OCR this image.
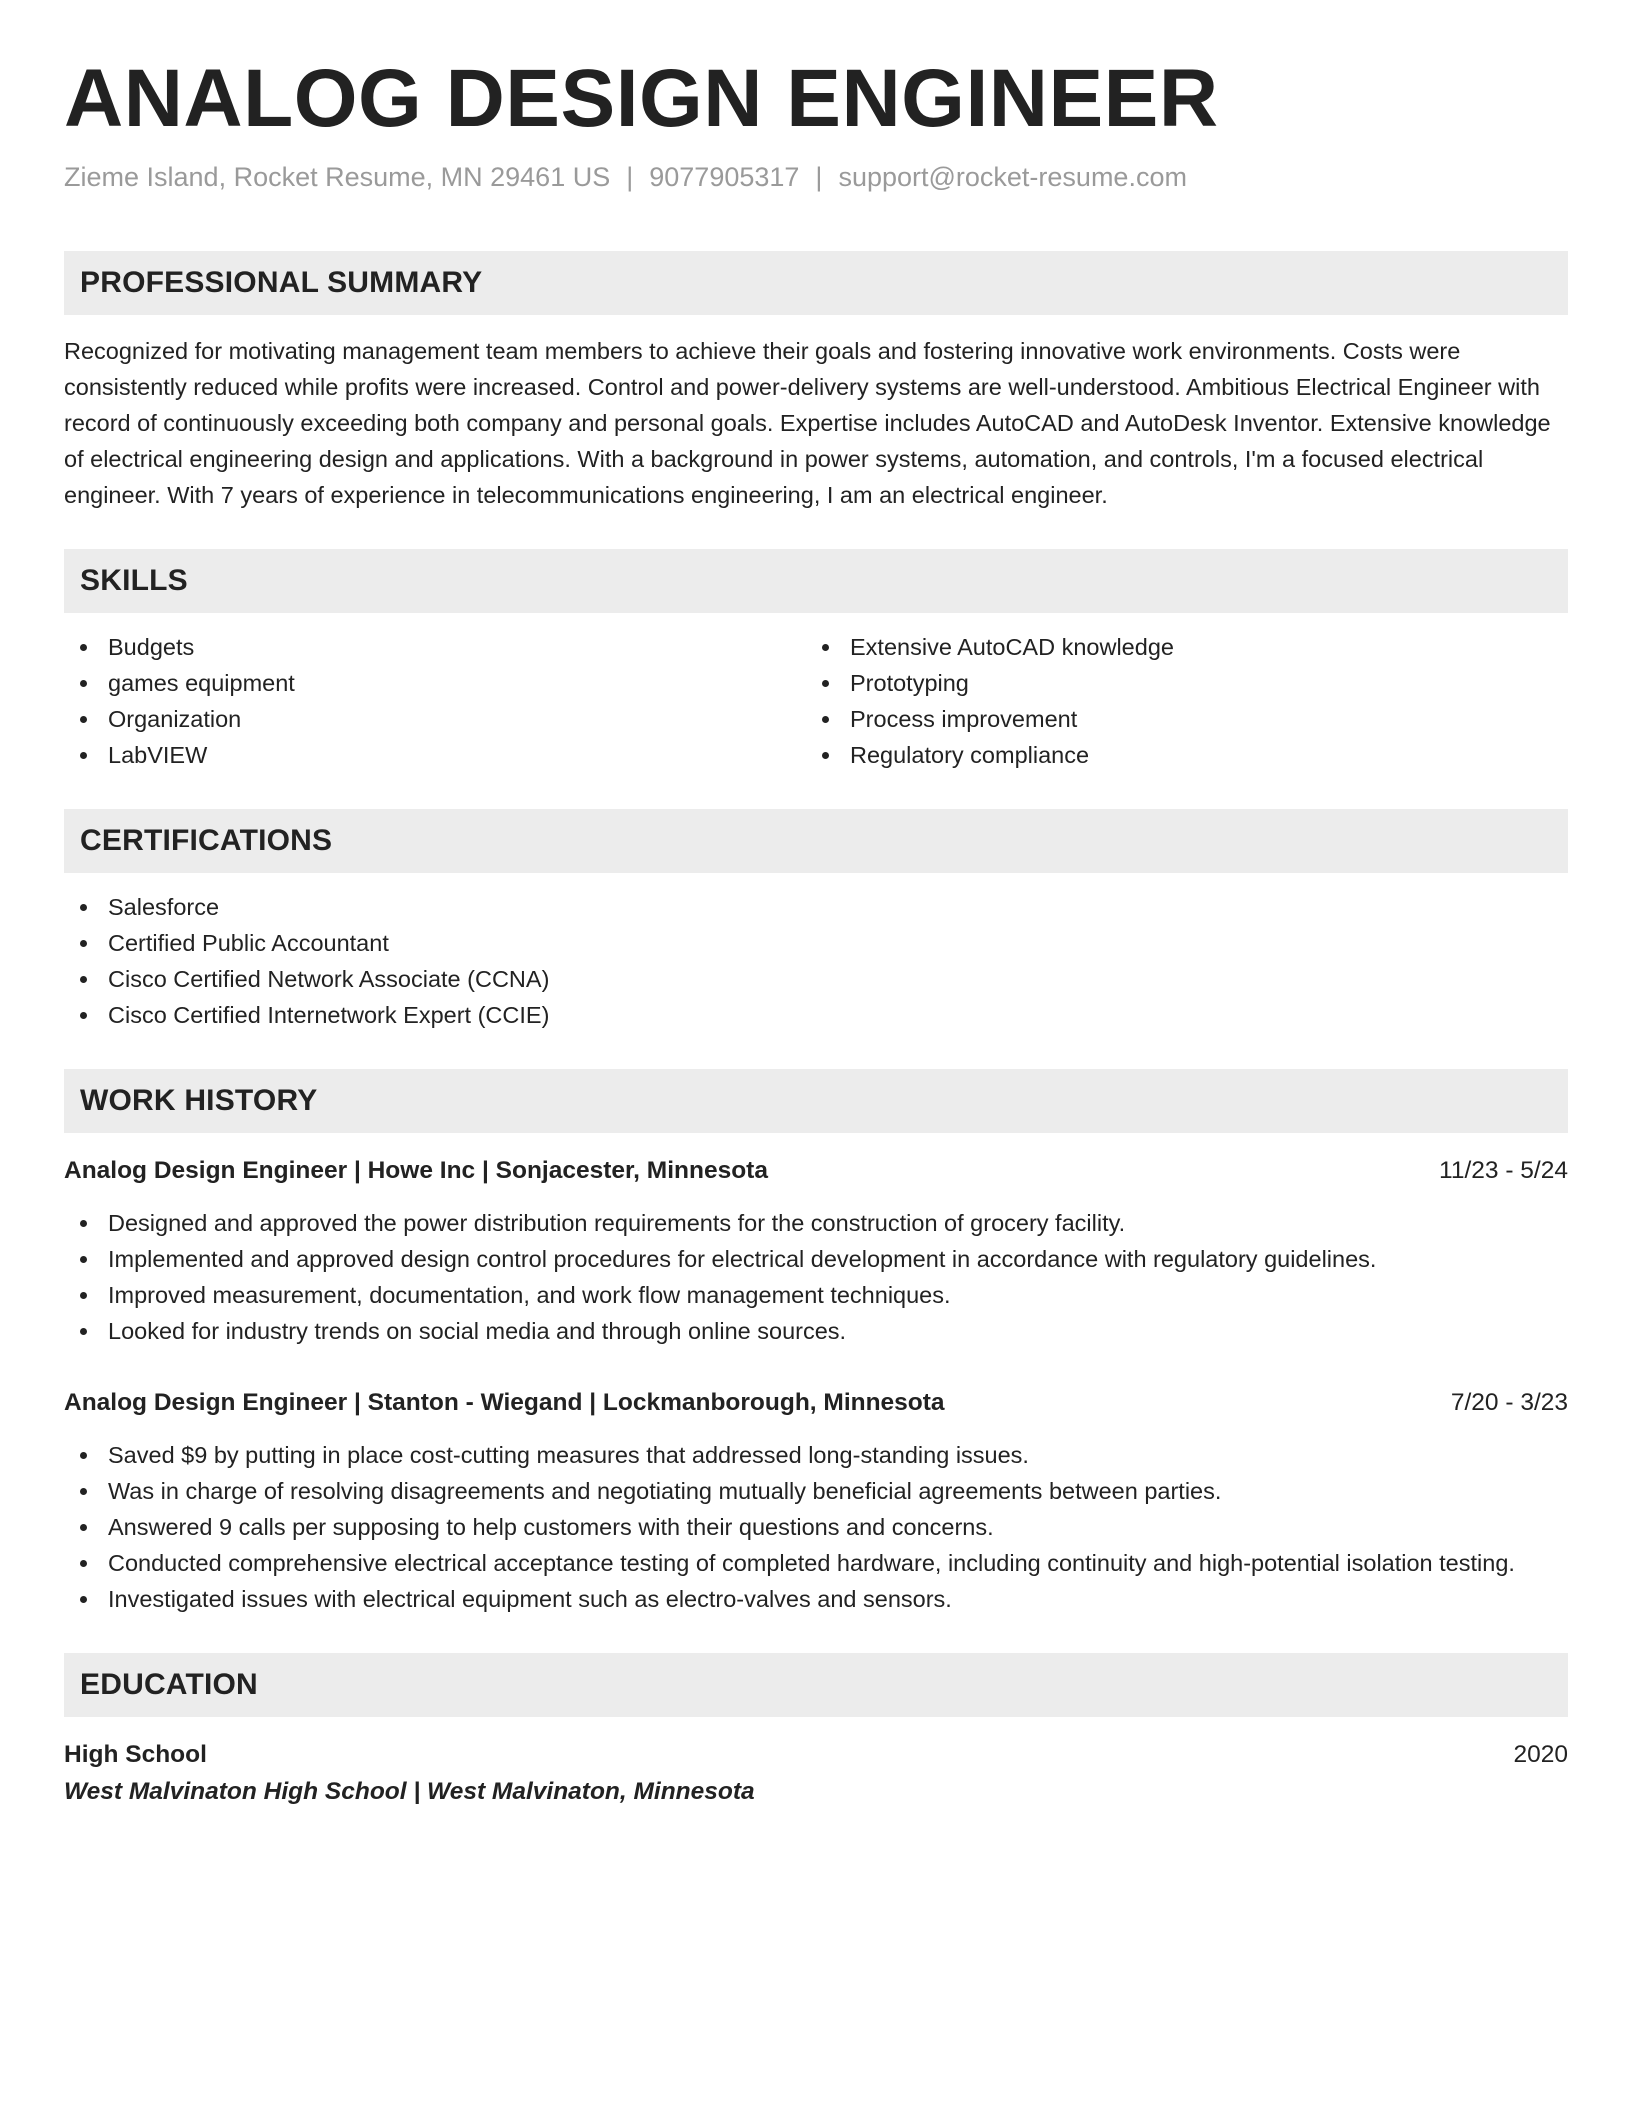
ANALOG DESIGN ENGINEER
Zieme Island, Rocket Resume, MN 29461 US | 9077905317 | support@rocket-resume.com
PROFESSIONAL SUMMARY
Recognized for motivating management team members to achieve their goals and fostering innovative work environments. Costs were consistently reduced while profits were increased. Control and power-delivery systems are well-understood. Ambitious Electrical Engineer with record of continuously exceeding both company and personal goals. Expertise includes AutoCAD and AutoDesk Inventor. Extensive knowledge of electrical engineering design and applications. With a background in power systems, automation, and controls, I'm a focused electrical engineer. With 7 years of experience in telecommunications engineering, I am an electrical engineer.
SKILLS
Budgets
games equipment
Organization
LabVIEW
Extensive AutoCAD knowledge
Prototyping
Process improvement
Regulatory compliance
CERTIFICATIONS
Salesforce
Certified Public Accountant
Cisco Certified Network Associate (CCNA)
Cisco Certified Internetwork Expert (CCIE)
WORK HISTORY
Analog Design Engineer | Howe Inc | Sonjacester, Minnesota	11/23 - 5/24
Designed and approved the power distribution requirements for the construction of grocery facility.
Implemented and approved design control procedures for electrical development in accordance with regulatory guidelines.
Improved measurement, documentation, and work flow management techniques.
Looked for industry trends on social media and through online sources.
Analog Design Engineer | Stanton - Wiegand | Lockmanborough, Minnesota	7/20 - 3/23
Saved $9 by putting in place cost-cutting measures that addressed long-standing issues.
Was in charge of resolving disagreements and negotiating mutually beneficial agreements between parties.
Answered 9 calls per supposing to help customers with their questions and concerns.
Conducted comprehensive electrical acceptance testing of completed hardware, including continuity and high-potential isolation testing.
Investigated issues with electrical equipment such as electro-valves and sensors.
EDUCATION
High School	2020
West Malvinaton High School | West Malvinaton, Minnesota
